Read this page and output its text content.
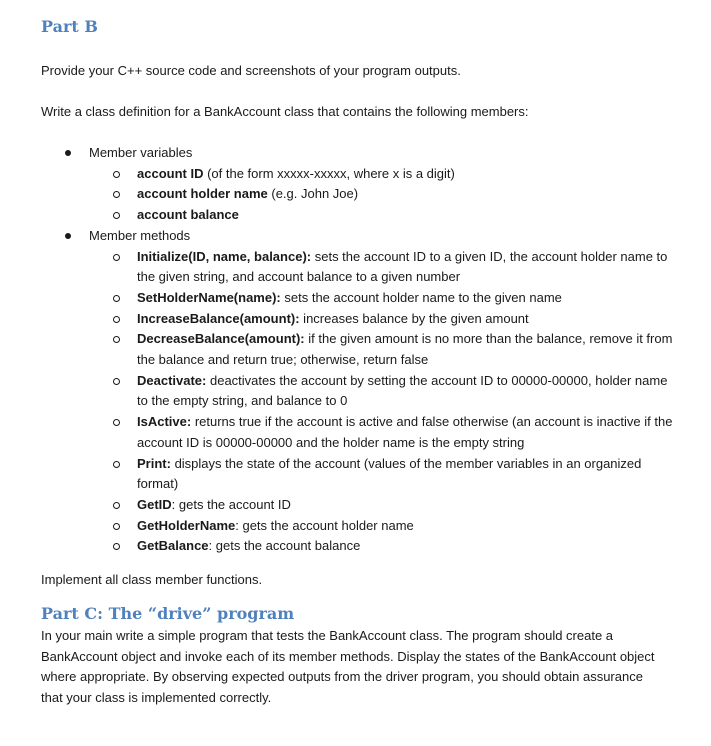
Part B

Provide your C++ source code and screenshots of your program outputs.

Write a class definition for a BankAccount class that contains the following members:

Member variables
account ID (of the form xxxxx-xxxxx, where x is a digit)
account holder name (e.g. John Joe)
account balance
Member methods
Initialize(ID, name, balance): sets the account ID to a given ID, the account holder name to the given string, and account balance to a given number
SetHolderName(name): sets the account holder name to the given name
IncreaseBalance(amount): increases balance by the given amount
DecreaseBalance(amount): if the given amount is no more than the balance, remove it from the balance and return true; otherwise, return false
Deactivate: deactivates the account by setting the account ID to 00000-00000, holder name to the empty string, and balance to 0
IsActive: returns true if the account is active and false otherwise (an account is inactive if the account ID is 00000-00000 and the holder name is the empty string
Print: displays the state of the account (values of the member variables in an organized format)
GetID: gets the account ID
GetHolderName: gets the account holder name
GetBalance: gets the account balance

Implement all class member functions.

Part C: The “drive” program

In your main write a simple program that tests the BankAccount class. The program should create a BankAccount object and invoke each of its member methods. Display the states of the BankAccount object where appropriate. By observing expected outputs from the driver program, you should obtain assurance that your class is implemented correctly.
